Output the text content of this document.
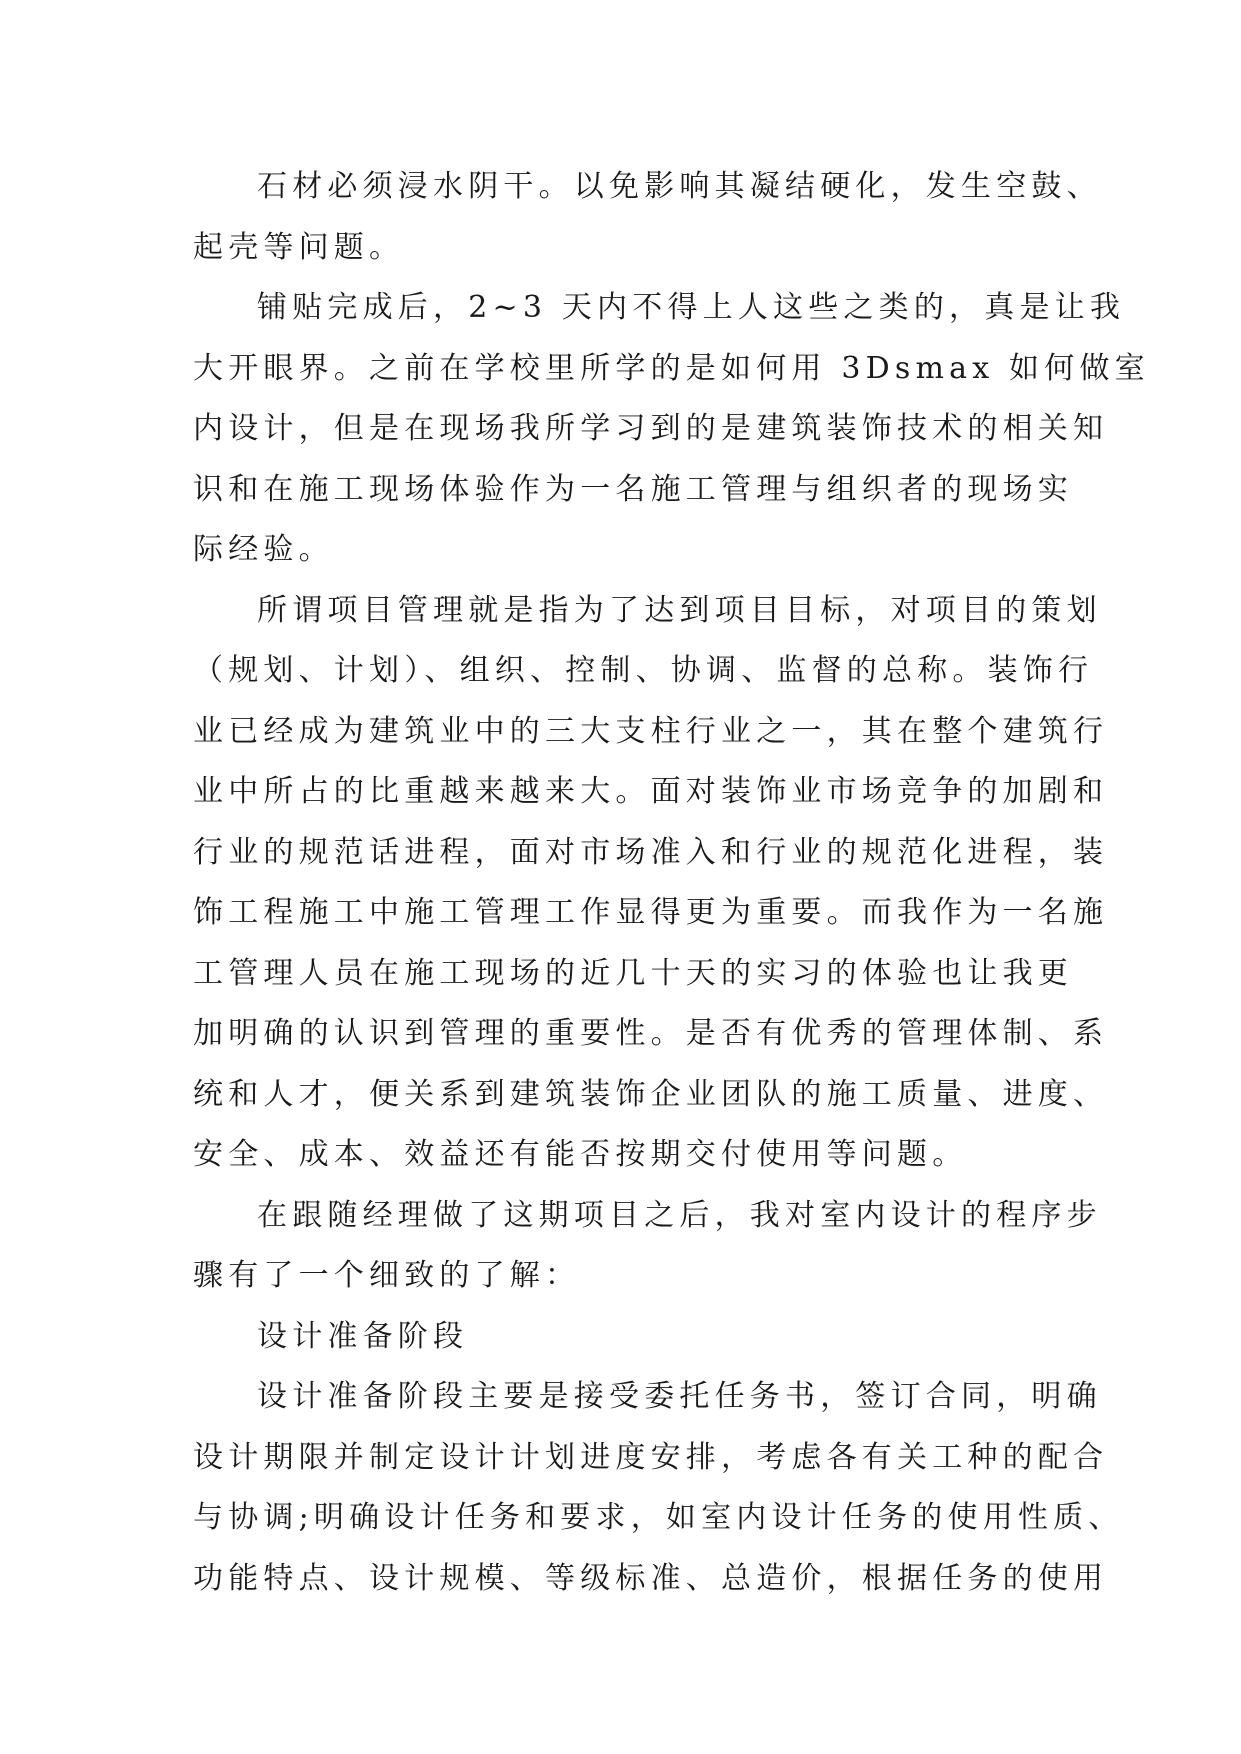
石材必须浸水阴干。以免影响其凝结硬化，发生空鼓、
起壳等问题。
铺贴完成后，2~3 天内不得上人这些之类的，真是让我
大开眼界。之前在学校里所学的是如何用 3Dsmax 如何做室
内设计，但是在现场我所学习到的是建筑装饰技术的相关知
识和在施工现场体验作为一名施工管理与组织者的现场实
际经验。
所谓项目管理就是指为了达到项目目标，对项目的策划
（规划、计划）、组织、控制、协调、监督的总称。装饰行
业已经成为建筑业中的三大支柱行业之一，其在整个建筑行
业中所占的比重越来越来大。面对装饰业市场竞争的加剧和
行业的规范话进程，面对市场准入和行业的规范化进程，装
饰工程施工中施工管理工作显得更为重要。而我作为一名施
工管理人员在施工现场的近几十天的实习的体验也让我更
加明确的认识到管理的重要性。是否有优秀的管理体制、系
统和人才，便关系到建筑装饰企业团队的施工质量、进度、
安全、成本、效益还有能否按期交付使用等问题。
在跟随经理做了这期项目之后，我对室内设计的程序步
骤有了一个细致的了解：
设计准备阶段
设计准备阶段主要是接受委托任务书，签订合同，明确
设计期限并制定设计计划进度安排，考虑各有关工种的配合
与协调;明确设计任务和要求，如室内设计任务的使用性质、
功能特点、设计规模、等级标准、总造价，根据任务的使用
